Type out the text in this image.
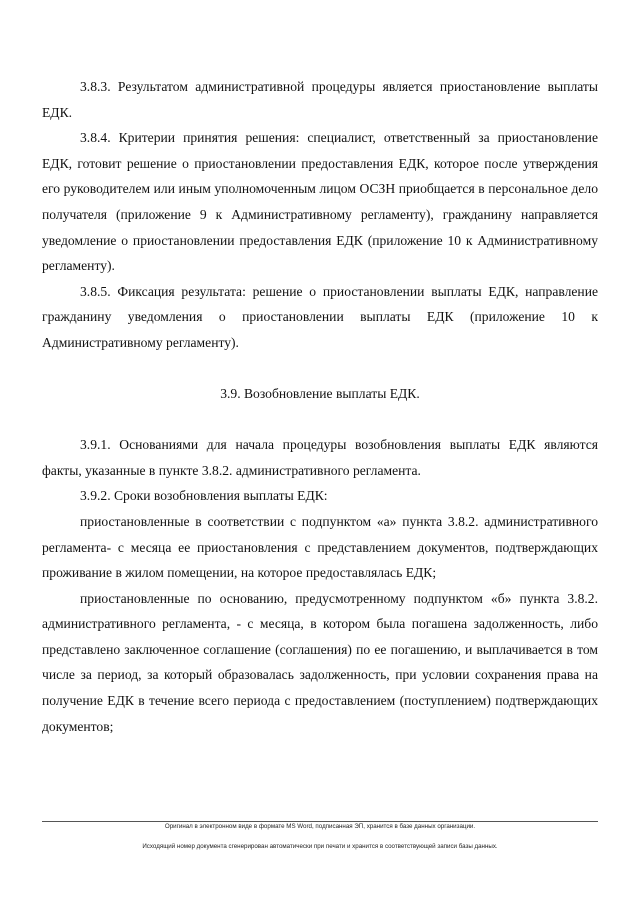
3.8.3. Результатом административной процедуры является приостановление выплаты ЕДК.

3.8.4. Критерии принятия решения: специалист, ответственный за приостановление ЕДК, готовит решение о приостановлении предоставления ЕДК, которое после утверждения его руководителем или иным уполномоченным лицом ОСЗН приобщается в персональное дело получателя (приложение 9 к Административному регламенту), гражданину направляется уведомление о приостановлении предоставления ЕДК (приложение 10 к Административному регламенту).

3.8.5. Фиксация результата: решение о приостановлении выплаты ЕДК, направление гражданину уведомления о приостановлении выплаты ЕДК (приложение 10 к Административному регламенту).

3.9. Возобновление выплаты ЕДК.

3.9.1. Основаниями для начала процедуры возобновления выплаты ЕДК являются факты, указанные в пункте 3.8.2. административного регламента.

3.9.2. Сроки возобновления выплаты ЕДК:

приостановленные в соответствии с подпунктом «а» пункта 3.8.2. административного регламента- с месяца ее приостановления с представлением документов, подтверждающих проживание в жилом помещении, на которое предоставлялась ЕДК;

приостановленные по основанию, предусмотренному подпунктом «б» пункта 3.8.2. административного регламента, - с месяца, в котором была погашена задолженность, либо представлено заключенное соглашение (соглашения) по ее погашению, и выплачивается в том числе за период, за который образовалась задолженность, при условии сохранения права на получение ЕДК в течение всего периода с предоставлением (поступлением) подтверждающих документов;

Оригинал в электронном виде в формате MS Word, подписанная ЭП, хранится в базе данных организации.
Исходящий номер документа сгенерирован автоматически при печати и хранится в соответствующей записи базы данных.
